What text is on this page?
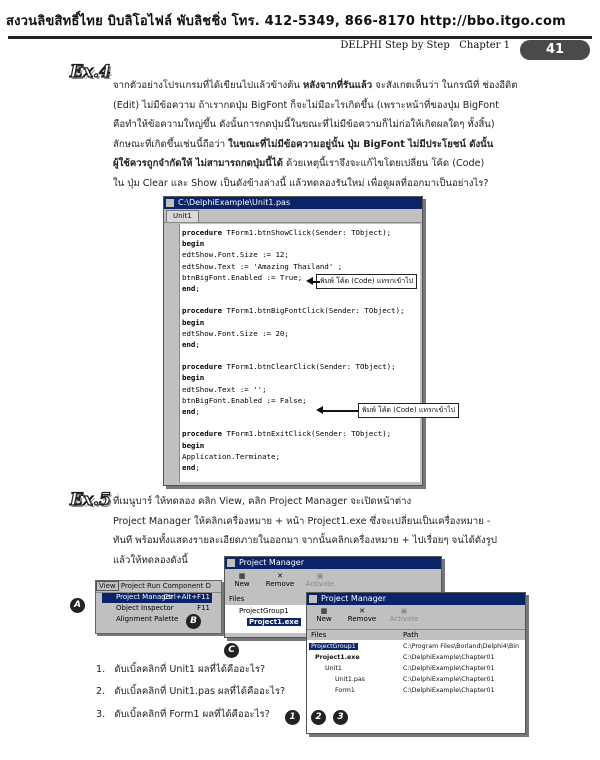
สงวนลิขสิทธิ์ไทย บิบลิโอไฟล์ พับลิชชิ่ง โทร. 412-5349, 866-8170 http://bbo.itgo.com
DELPHI Step by Step Chapter 1	41
Ex.4
จากตัวอย่างโปรแกรมที่ได้เขียนไปแล้วข้างต้น หลังจากที่รันแล้ว จะสังเกตเห็นว่า ในกรณีที่ ช่องอีดิต
(Edit) ไม่มีข้อความ ถ้าเรากดปุ่ม BigFont ก็จะไม่มีอะไรเกิดขึ้น (เพราะหน้าที่ของปุ่ม BigFont
คือทำให้ข้อความใหญ่ขึ้น ดังนั้นการกดปุ่มนี้ในขณะที่ไม่มีข้อความก็ไม่ก่อให้เกิดผลใดๆ ทั้งสิ้น)
ลักษณะที่เกิดขึ้นเช่นนี้ถือว่า ในขณะที่ไม่มีข้อความอยู่นั้น ปุ่ม BigFont ไม่มีประโยชน์ ดังนั้น
ผู้ใช้ควรถูกจำกัดให้ ไม่สามารถกดปุ่มนี้ได้ ด้วยเหตุนี้เราจึงจะแก้ไขโดยเปลี่ยน โค้ด (Code)
ใน ปุ่ม Clear และ Show เป็นดังข้างล่างนี้ แล้วทดลองรันใหม่ เพื่อดูผลที่ออกมาเป็นอย่างไร?
C:\DelphiExample\Unit1.pas
Unit1
procedure TForm1.btnShowClick(Sender: TObject);
begin
edtShow.Font.Size := 12;
edtShow.Text := 'Amazing Thailand' ;
btnBigFont.Enabled := True;
end;
procedure TForm1.btnBigFontClick(Sender: TObject);
begin
edtShow.Font.Size := 20;
end;
procedure TForm1.btnClearClick(Sender: TObject);
begin
edtShow.Text := '';
btnBigFont.Enabled := False;
end;
procedure TForm1.btnExitClick(Sender: TObject);
begin
Application.Terminate;
end;
พิมพ์ โค้ด (Code) แทรกเข้าไป
พิมพ์ โค้ด (Code) แทรกเข้าไป
Ex.5 ที่เมนูบาร์ ให้ทดลอง คลิก View, คลิก Project Manager จะเปิดหน้าต่าง
Project Manager ให้คลิกเครื่องหมาย + หน้า Project1.exe ซึ่งจะเปลี่ยนเป็นเครื่องหมาย -
ทันที พร้อมทั้งแสดงรายละเอียดภายในออกมา จากนั้นคลิกเครื่องหมาย + ไปเรื่อยๆ จนได้ดังรูป
แล้วให้ทดลองดังนี้
View Project Run Component D
Project Manager
Ctrl+Alt+F11
Object Inspector	F11
Alignment Palette
Project Manager
▦
New
✕
Remove
▣
Activate
Files
ProjectGroup1
Project1.exe
Project Manager
▦
New
✕
Remove
▣
Activate
Files	Path
ProjectGroup1	C:\Program Files\Borland\Delphi4\Bin
Project1.exe	C:\DelphiExample\Chapter01
Unit1	C:\DelphiExample\Chapter01
Unit1.pas	C:\DelphiExample\Chapter01
Form1	C:\DelphiExample\Chapter01
A
B
C
1	2	3
1. ดับเบิ้ลคลิกที่ Unit1 ผลที่ได้คืออะไร?
2. ดับเบิ้ลคลิกที่ Unit1.pas ผลที่ได้คืออะไร?
3. ดับเบิ้ลคลิกที่ Form1 ผลที่ได้คืออะไร?
